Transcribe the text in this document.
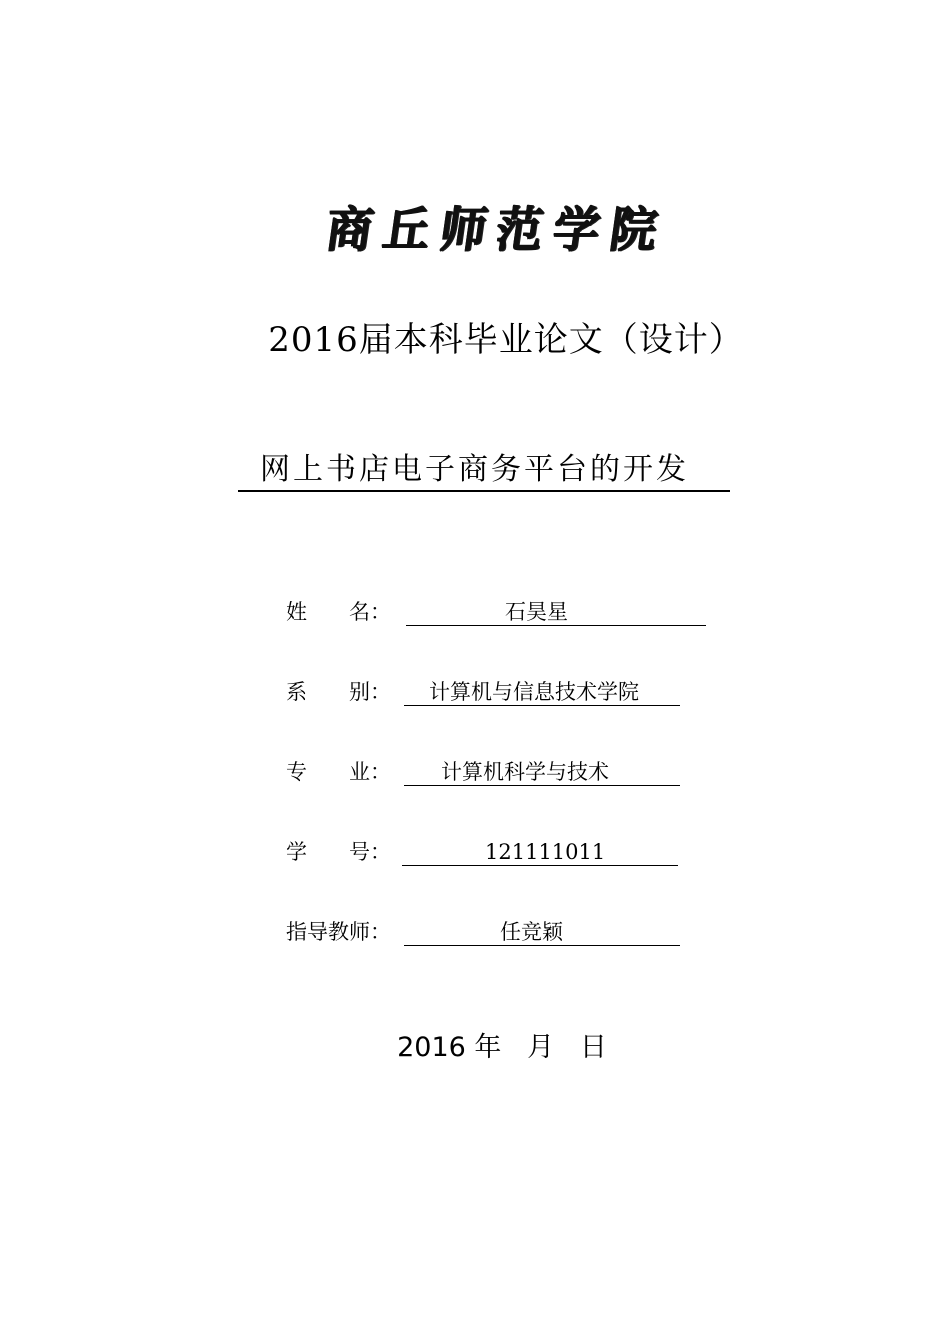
商 丘 师 范 学 院
2016届本科毕业论文（设计）
网上书店电子商务平台的开发
姓　　名：	石昊星
系　　别：	计算机与信息技术学院
专　　业：	计算机科学与技术
学　　号：	121111011
指导教师：	任竞颖
2016 年   月   日
